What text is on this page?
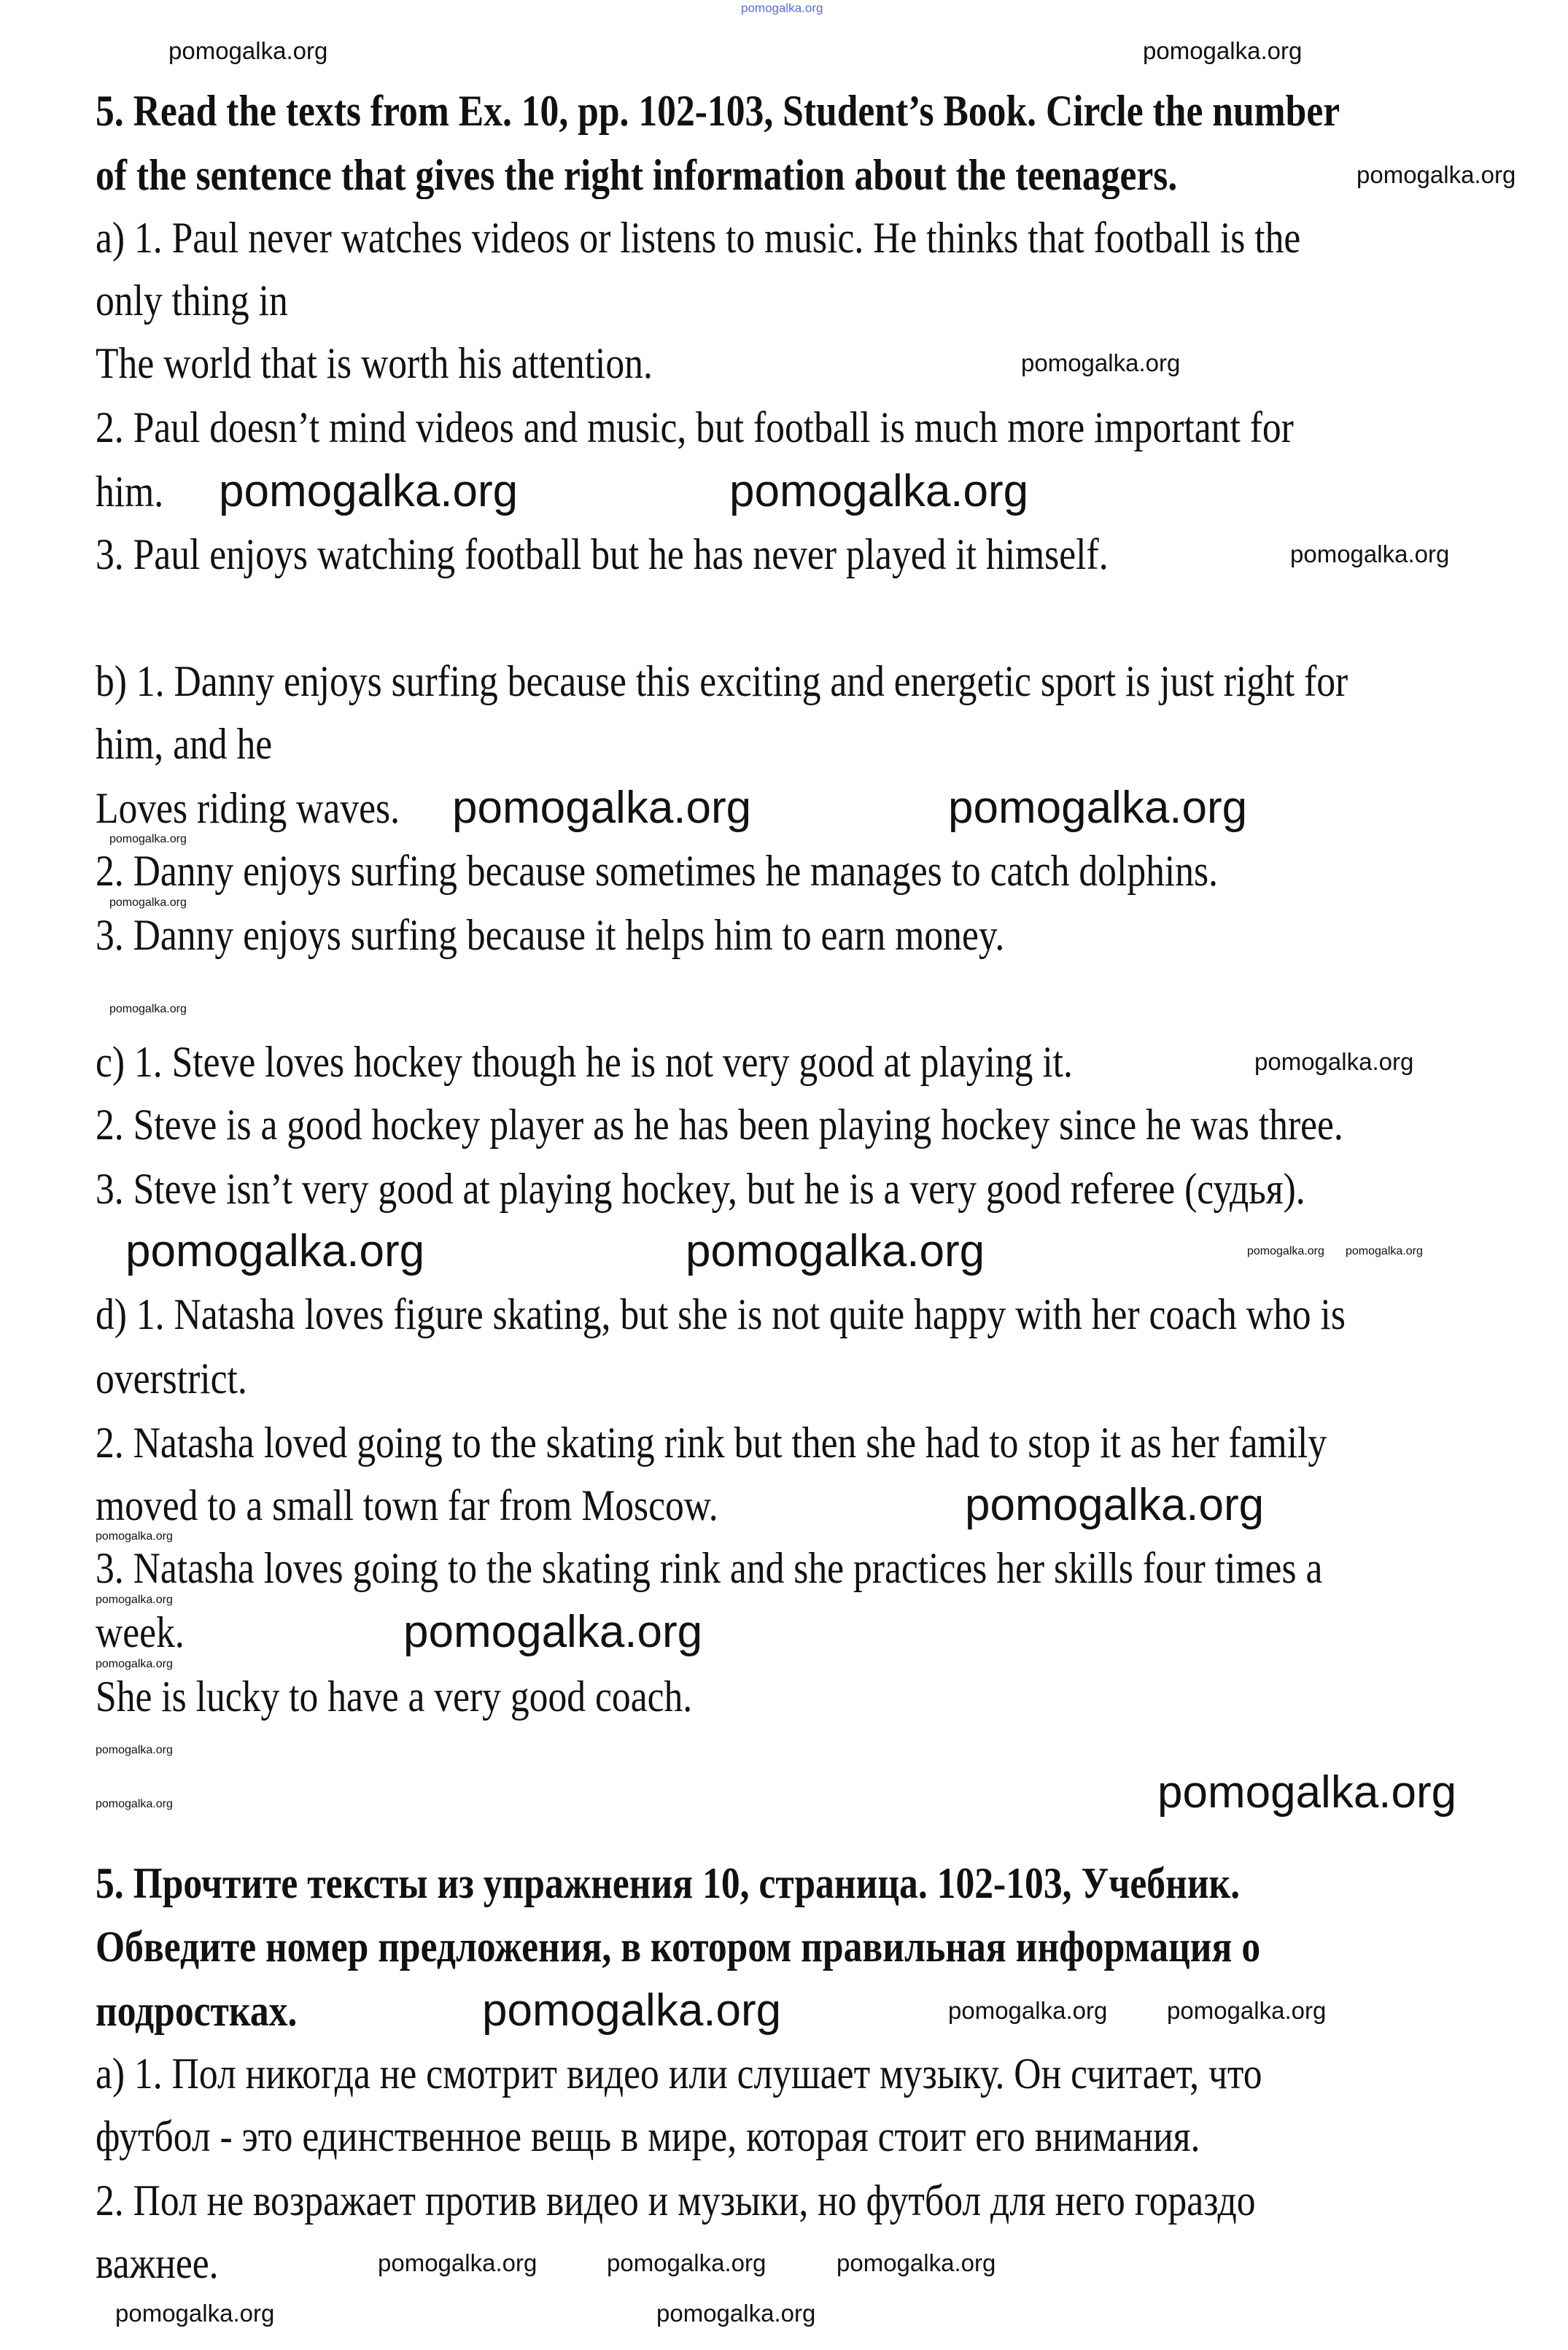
5. Read the texts from Ex. 10, pp. 102-103, Student’s Book. Circle the number
of the sentence that gives the right information about the teenagers.
a) 1. Paul never watches videos or listens to music. He thinks that football is the
only thing in
The world that is worth his attention.
2. Paul doesn’t mind videos and music, but football is much more important for
him.
3. Paul enjoys watching football but he has never played it himself.
b) 1. Danny enjoys surfing because this exciting and energetic sport is just right for
him, and he
Loves riding waves.
2. Danny enjoys surfing because sometimes he manages to catch dolphins.
3. Danny enjoys surfing because it helps him to earn money.
c) 1. Steve loves hockey though he is not very good at playing it.
2. Steve is a good hockey player as he has been playing hockey since he was three.
3. Steve isn’t very good at playing hockey, but he is a very good referee (судья).
d) 1. Natasha loves figure skating, but she is not quite happy with her coach who is
overstrict.
2. Natasha loved going to the skating rink but then she had to stop it as her family
moved to a small town far from Moscow.
3. Natasha loves going to the skating rink and she practices her skills four times a
week.
She is lucky to have a very good coach.
5. Прочтите тексты из упражнения 10, страница. 102-103, Учебник.
Обведите номер предложения, в котором правильная информация о
подростках.
а) 1. Пол никогда не смотрит видео или слушает музыку. Он считает, что
футбол - это единственное вещь в мире, которая стоит его внимания.
2. Пол не возражает против видео и музыки, но футбол для него гораздо
важнее.
pomogalka.org
pomogalka.org	pomogalka.org
pomogalka.org
pomogalka.org
pomogalka.org	pomogalka.org
pomogalka.org
pomogalka.org	pomogalka.org
pomogalka.org
pomogalka.org
pomogalka.org
pomogalka.org
pomogalka.org	pomogalka.org	pomogalka.org pomogalka.org
pomogalka.org
pomogalka.org
pomogalka.org
pomogalka.org
pomogalka.org
pomogalka.org
pomogalka.org
pomogalka.org
pomogalka.org	pomogalka.org pomogalka.org
pomogalka.org	pomogalka.org	pomogalka.org
pomogalka.org	pomogalka.org
